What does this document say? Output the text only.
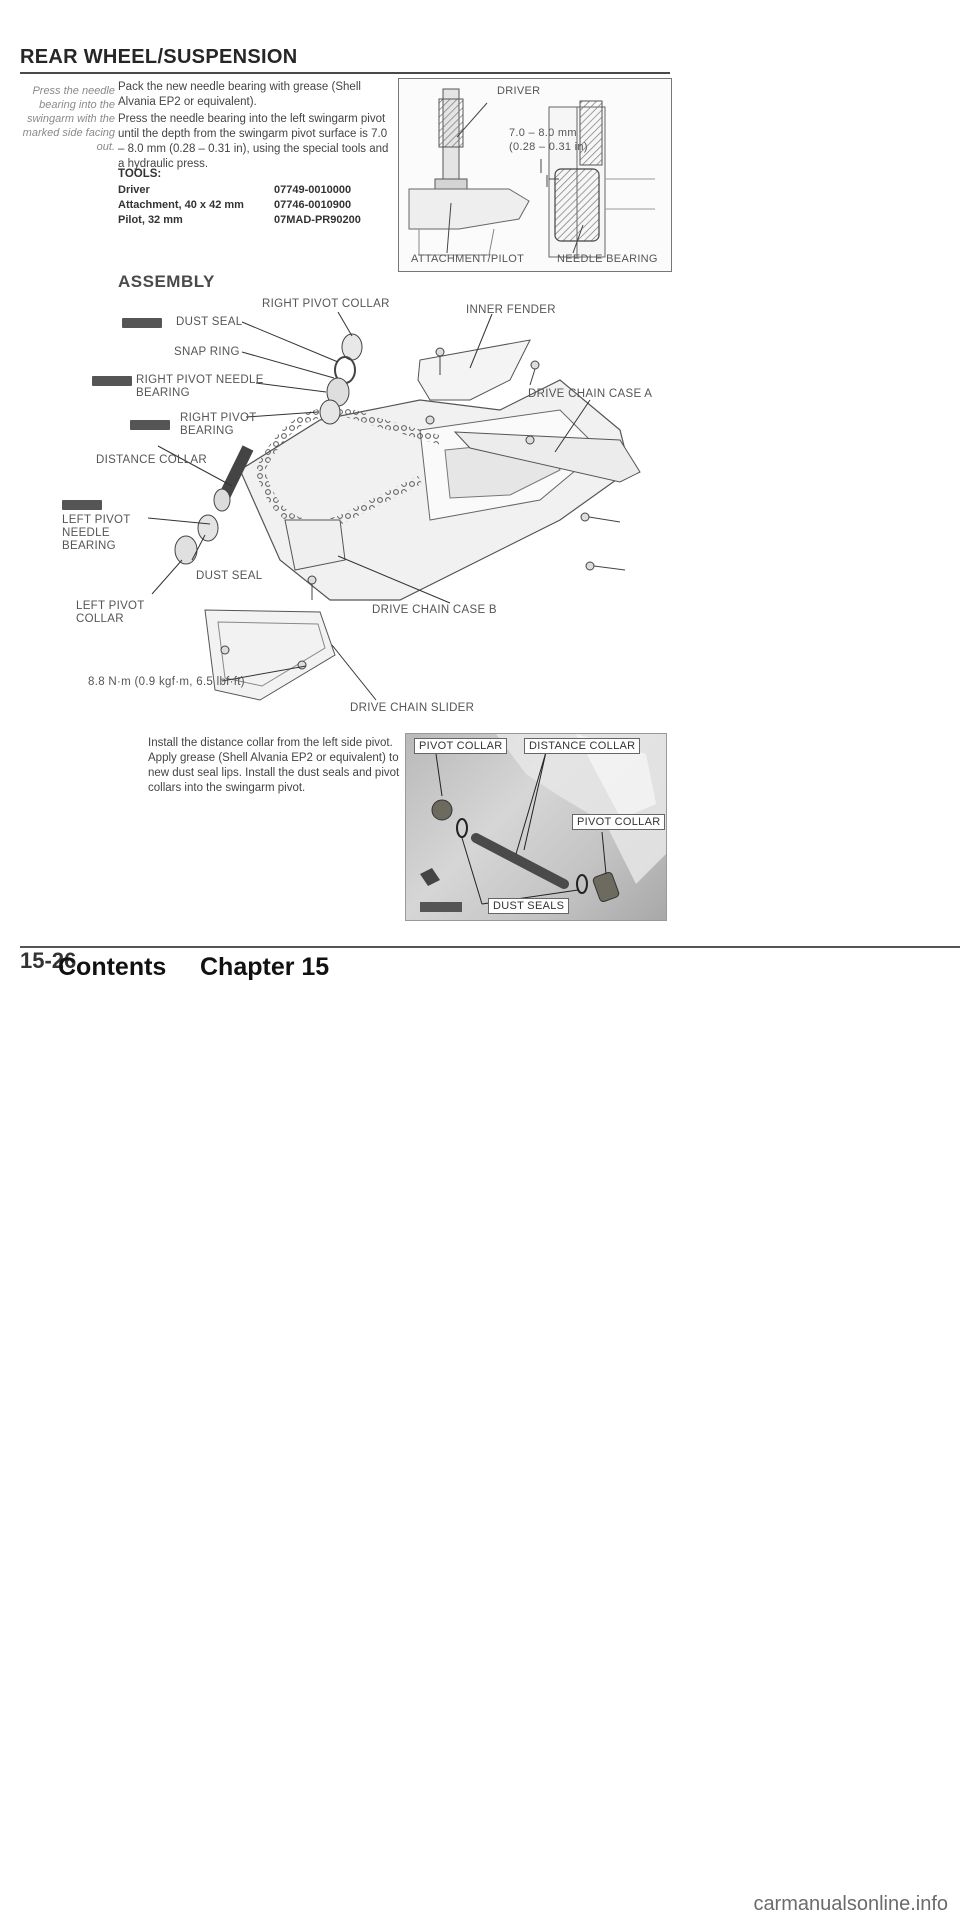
REAR WHEEL/SUSPENSION
Press the needle bearing into the swingarm with the marked side facing out.
Pack the new needle bearing with grease (Shell Alvania EP2 or equivalent).
Press the needle bearing into the left swingarm pivot until the depth from the swingarm pivot surface is 7.0 – 8.0 mm (0.28 – 0.31 in), using the special tools and a hydraulic press.
TOOLS:
Driver	07749-0010000
Attachment, 40 x 42 mm	07746-0010900
Pilot, 32 mm	07MAD-PR90200
DRIVER
7.0 – 8.0 mm
(0.28 – 0.31 in)
ATTACHMENT/PILOT	NEEDLE BEARING
ASSEMBLY
RIGHT PIVOT COLLAR	INNER FENDER
DUST SEAL
SNAP RING
RIGHT PIVOT NEEDLE
BEARING	DRIVE CHAIN CASE A
RIGHT PIVOT
BEARING
DISTANCE COLLAR
LEFT PIVOT
NEEDLE
BEARING
DUST SEAL
LEFT PIVOT
COLLAR
DRIVE CHAIN CASE B
8.8 N·m (0.9 kgf·m, 6.5 lbf·ft)
DRIVE CHAIN SLIDER
Install the distance collar from the left side pivot. Apply grease (Shell Alvania EP2 or equivalent) to new dust seal lips. Install the dust seals and pivot collars into the swingarm pivot.
PIVOT COLLAR	DISTANCE COLLAR
PIVOT COLLAR
DUST SEALS
15-26
Contents Chapter 15
carmanualsonline.info
